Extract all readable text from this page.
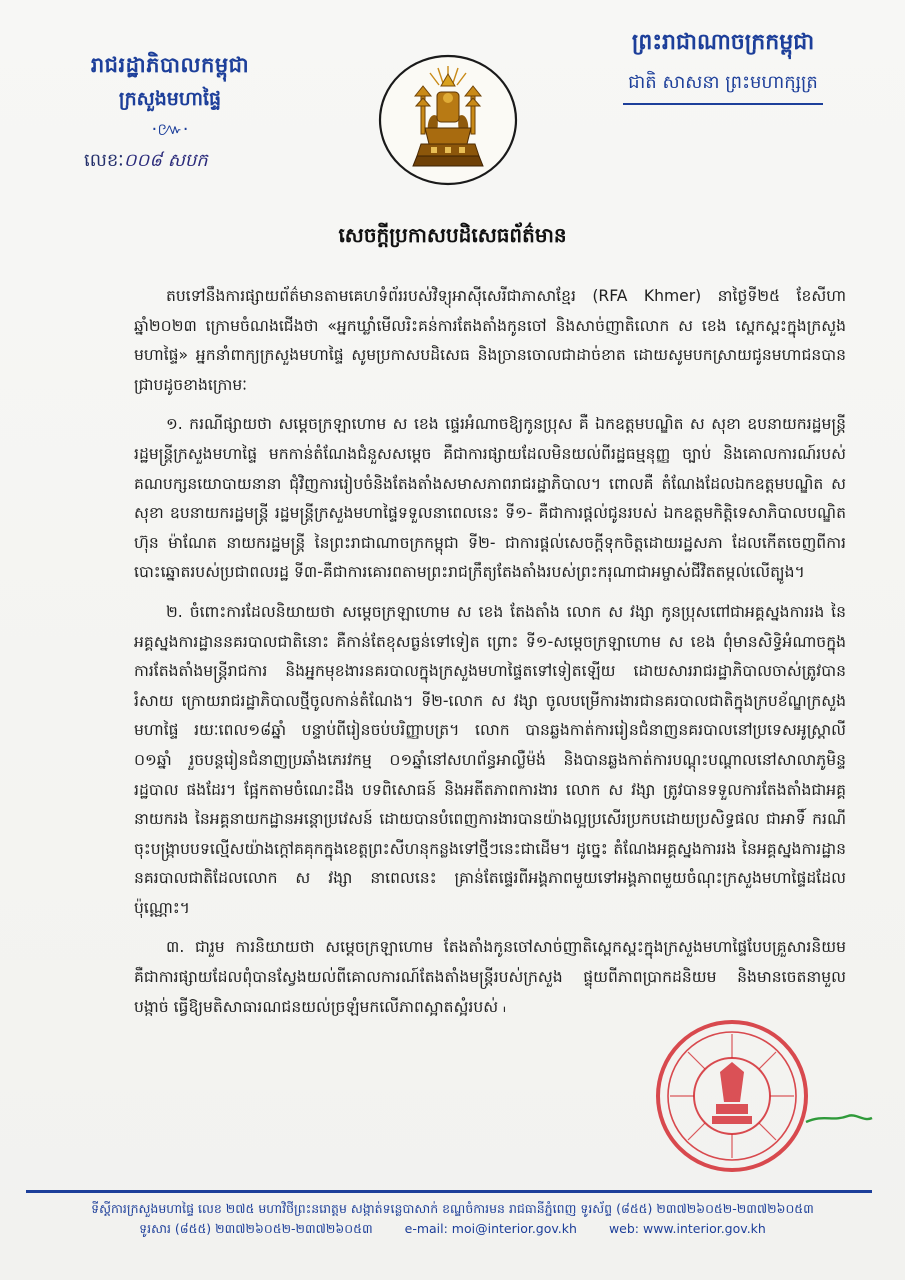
រាជរដ្ឋាភិបាលកម្ពុជា
ក្រសួងមហាផ្ទៃ
·៚·
លេខៈ០០៨ សបក
ព្រះរាជាណាចក្រកម្ពុជា
ជាតិ សាសនា ព្រះមហាក្សត្រ
សេចក្តីប្រកាសបដិសេធព័ត៌មាន

តបទៅនឹងការផ្សាយព័ត៌មានតាមគេហទំព័ររបស់វិទ្យុអាស៊ីសេរីជាភាសាខ្មែរ (RFA Khmer) នាថ្ងៃទី២៥ ខែសីហា ឆ្នាំ២០២៣ ក្រោមចំណងជើងថា «អ្នកឃ្លាំមើលរិះគន់ការតែងតាំងកូនចៅ និងសាច់ញាតិលោក ស ខេង ស្ពេកស្ពះក្នុងក្រសួងមហាផ្ទៃ» អ្នកនាំពាក្យក្រសួងមហាផ្ទៃ សូមប្រកាសបដិសេធ និងច្រានចោលជាដាច់ខាត ដោយសូមបកស្រាយជូនមហាជនបានជ្រាបដូចខាងក្រោមៈ

១. ករណីផ្សាយថា សម្តេចក្រឡាហោម ស ខេង ផ្ទេរអំណាចឱ្យកូនប្រុស គឺ ឯកឧត្តមបណ្ឌិត ស សុខា ឧបនាយករដ្ឋមន្ត្រី រដ្ឋមន្ត្រីក្រសួងមហាផ្ទៃ មកកាន់តំណែងជំនួសសម្តេច គឺជាការផ្សាយដែលមិនយល់ពីរដ្ឋធម្មនុញ្ញ ច្បាប់ និងគោលការណ៍របស់គណបក្សនយោបាយនានា ជុំវិញការរៀបចំនិងតែងតាំងសមាសភាពរាជរដ្ឋាភិបាល។ ពោលគឺ តំណែងដែលឯកឧត្តមបណ្ឌិត ស សុខា ឧបនាយករដ្ឋមន្ត្រី រដ្ឋមន្ត្រីក្រសួងមហាផ្ទៃទទួលនាពេលនេះ ទី១- គឺជាការផ្តល់ជូនរបស់ ឯកឧត្តមកិត្តិទេសាភិបាលបណ្ឌិត ហ៊ុន ម៉ាណែត នាយករដ្ឋមន្ត្រី នៃព្រះរាជាណាចក្រកម្ពុជា ទី២- ជាការផ្តល់សេចក្តីទុកចិត្តដោយរដ្ឋសភា ដែលកើតចេញពីការបោះឆ្នោតរបស់ប្រជាពលរដ្ឋ ទី៣-គឺជាការគោរពតាមព្រះរាជក្រឹត្យតែងតាំងរបស់ព្រះករុណាជាអម្ចាស់ជីវិតតម្កល់លើត្បូង។

២. ចំពោះការដែលនិយាយថា សម្តេចក្រឡាហោម ស ខេង តែងតាំង លោក ស វង្សា កូនប្រុសពៅជាអគ្គស្នងការរង នៃអគ្គស្នងការដ្ឋាននគរបាលជាតិនោះ គឺកាន់តែខុសធ្ងន់ទៅទៀត ព្រោះ ទី១-សម្តេចក្រឡាហោម ស ខេង ពុំមានសិទ្ធិអំណាចក្នុងការតែងតាំងមន្ត្រីរាជការ និងអ្នកមុខងារនគរបាលក្នុងក្រសួងមហាផ្ទៃតទៅទៀតឡើយ ដោយសាររាជរដ្ឋាភិបាលចាស់ត្រូវបានរំសាយ ក្រោយរាជរដ្ឋាភិបាលថ្មីចូលកាន់តំណែង។ ទី២-លោក ស វង្សា ចូលបម្រើការងារជានគរបាលជាតិក្នុងក្របខ័ណ្ឌក្រសួងមហាផ្ទៃ រយៈពេល១៨ឆ្នាំ បន្ទាប់ពីរៀនចប់បរិញ្ញាបត្រ។ លោក បានឆ្លងកាត់ការរៀនជំនាញនគរបាលនៅប្រទេសអូស្ត្រាលី ០១ឆ្នាំ រួចបន្តរៀនជំនាញប្រឆាំងភេរវកម្ម ០១ឆ្នាំនៅសហព័ន្ធអាល្លឺម៉ង់ និងបានឆ្លងកាត់ការបណ្តុះបណ្តាលនៅសាលាភូមិន្ទរដ្ឋបាល ផងដែរ។ ផ្អែកតាមចំណេះដឹង បទពិសោធន៍ និងអតីតភាពការងារ លោក ស វង្សា ត្រូវបានទទួលការតែងតាំងជាអគ្គនាយករង នៃអគ្គនាយកដ្ឋានអន្តោប្រវេសន៍ ដោយបានបំពេញការងារបានយ៉ាងល្អប្រសើរប្រកបដោយប្រសិទ្ធផល ជាអាទិ៍ ករណីចុះបង្ក្រាបបទល្មើសយ៉ាងក្តៅគគុកក្នុងខេត្តព្រះសីហនុកន្លងទៅថ្មីៗនេះជាដើម។ ដូច្នេះ តំណែងអគ្គស្នងការរង នៃអគ្គស្នងការដ្ឋាននគរបាលជាតិដែលលោក ស វង្សា នាពេលនេះ គ្រាន់តែផ្ទេរពីអង្គភាពមួយទៅអង្គភាពមួយចំណុះក្រសួងមហាផ្ទៃដដែលប៉ុណ្ណោះ។

៣. ជារួម ការនិយាយថា សម្តេចក្រឡាហោម តែងតាំងកូនចៅសាច់ញាតិស្ពេកស្ពះក្នុងក្រសួងមហាផ្ទៃបែបគ្រួសារនិយម គឺជាការផ្សាយដែលពុំបានស្វែងយល់ពីគោលការណ៍តែងតាំងមន្ត្រីរបស់ក្រសួង ផ្ទុយពីភាពប្រាកដនិយម និងមានចេតនាមួលបង្កាច់ ធ្វើឱ្យមតិសាធារណជនយល់ច្រឡំមកលើភាពស្អាតស្អំរបស់ ៲

ទីស្តីការក្រសួងមហាផ្ទៃ លេខ ២៧៥ មហាវិថីព្រះនរោត្តម សង្កាត់ទន្លេបាសាក់ ខណ្ឌចំការមន រាជធានីភ្នំពេញ ទូរស័ព្ទ (៨៥៥) ២៣៧២៦០៥២-២៣៧២៦០៥៣
ទូរសារ (៨៥៥) ២៣៧២៦០៥២-២៣៧២៦០៥៣	e-mail: moi@interior.gov.kh	web: www.interior.gov.kh
